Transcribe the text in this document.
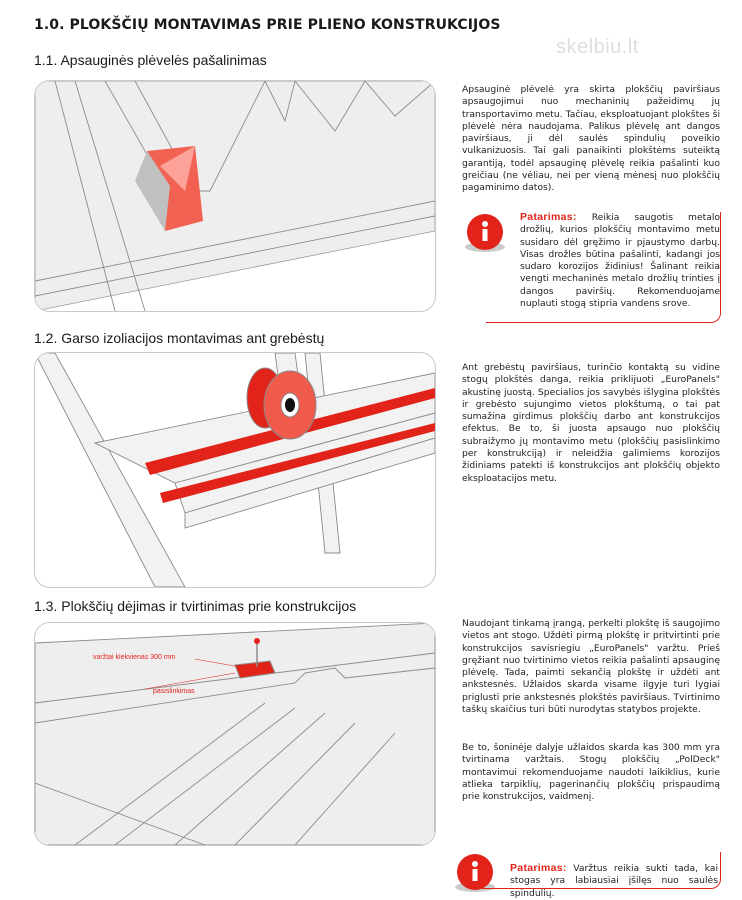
1.0. PLOKŠČIŲ MONTAVIMAS PRIE PLIENO KONSTRUKCIJOS
skelbiu.lt
1.1. Apsauginės plėvelės pašalinimas

Apsauginė plėvelė yra skirta plokščių paviršiaus apsaugojimui nuo mechaninių pažeidimų jų transportavimo metu. Tačiau, eksploatuojant plokštes ši plėvelė nėra naudojama. Palikus plėvelę ant dangos paviršiaus, ji dėl saulės spindulių poveikio vulkanizuosis. Tai gali panaikinti plokštėms suteiktą garantiją, todėl apsauginę plėvelę reikia pašalinti kuo greičiau (ne vėliau, nei per vieną mėnesį nuo plokščių pagaminimo datos).

Patarimas: Reikia saugotis metalo drožlių, kurios plokščių montavimo metu susidaro dėl gręžimo ir pjaustymo darbų. Visas drožles būtina pašalinti, kadangi jos sudaro korozijos židinius! Šalinant reikia vengti mechaninės metalo drožlių trinties į dangos paviršių. Rekomenduojame nuplauti stogą stipria vandens srove.
1.2. Garso izoliacijos montavimas ant grebėstų

Ant grebėstų paviršiaus, turinčio kontaktą su vidine stogų plokštės danga, reikia priklijuoti „EuroPanels" akustinę juostą. Specialios jos savybės išlygina plokštės ir grebėsto sujungimo vietos plokštumą, o tai pat sumažina girdimus plokščių darbo ant konstrukcijos efektus. Be to, ši juosta apsaugo nuo plokščių subraižymo jų montavimo metu (plokščių pasislinkimo per konstrukciją) ir neleidžia galimiems korozijos židiniams patekti iš konstrukcijos ant plokščių objekto eksploatacijos metu.

1.3. Plokščių dėjimas ir tvirtinimas prie konstrukcijos
varžtai kiekvienas 300 mm
pasislinkimas

Naudojant tinkamą įrangą, perkelti plokštę iš saugojimo vietos ant stogo. Uždėti pirmą plokštę ir pritvirtinti prie konstrukcijos savisriegiu „EuroPanels" varžtu. Prieš gręžiant nuo tvirtinimo vietos reikia pašalinti apsauginę plėvelę. Tada, paimti sekančią plokštę ir uždėti ant ankstesnės. Užlaidos skarda visame ilgyje turi lygiai priglusti prie ankstesnės plokštės paviršiaus. Tvirtinimo taškų skaičius turi būti nurodytas statybos projekte.

Be to, šoninėje dalyje užlaidos skarda kas 300 mm yra tvirtinama varžtais. Stogų plokščių „PolDeck" montavimui rekomenduojame naudoti laikiklius, kurie atlieka tarpiklių, pagerinančių plokščių prispaudimą prie konstrukcijos, vaidmenį.

Patarimas: Varžtus reikia sukti tada, kai stogas yra labiausiai įšilęs nuo saulės spindulių.
